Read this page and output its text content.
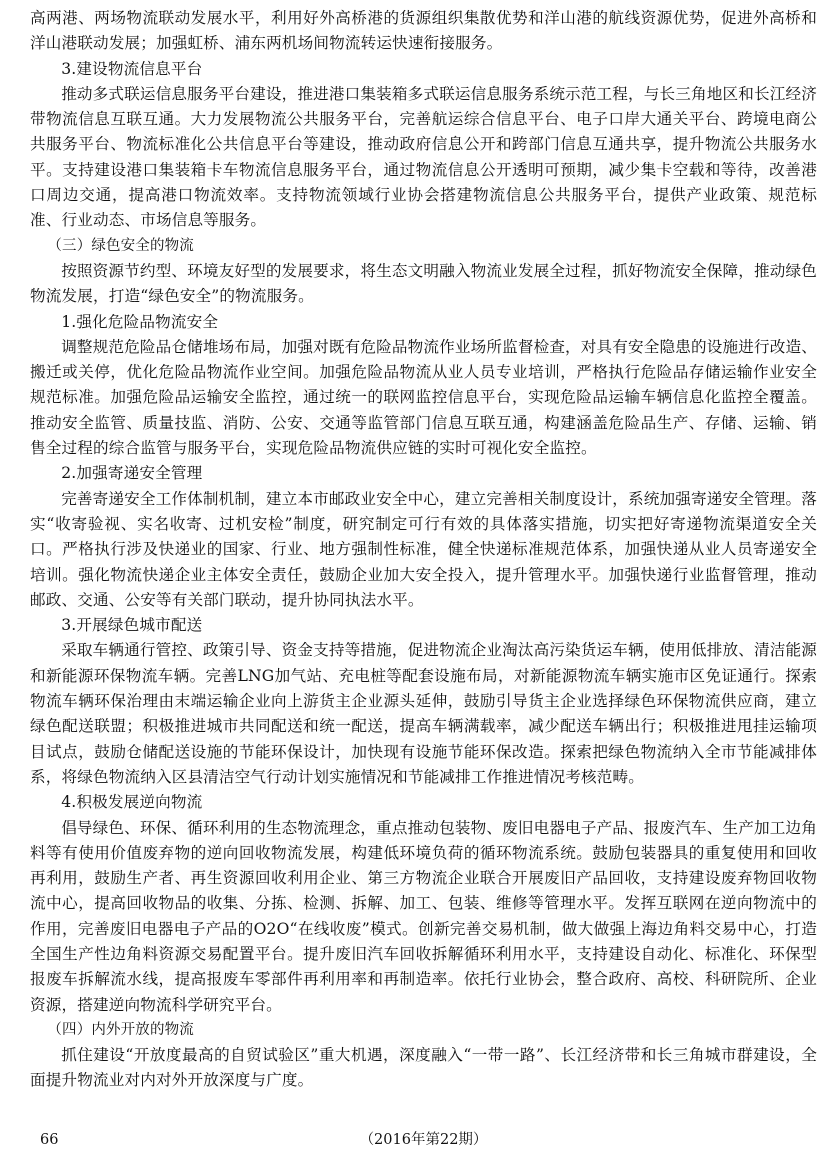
高两港、两场物流联动发展水平，利用好外高桥港的货源组织集散优势和洋山港的航线资源优势，促进外高桥和洋山港联动发展；加强虹桥、浦东两机场间物流转运快速衔接服务。

3.建设物流信息平台

推动多式联运信息服务平台建设，推进港口集装箱多式联运信息服务系统示范工程，与长三角地区和长江经济带物流信息互联互通。大力发展物流公共服务平台，完善航运综合信息平台、电子口岸大通关平台、跨境电商公共服务平台、物流标准化公共信息平台等建设，推动政府信息公开和跨部门信息互通共享，提升物流公共服务水平。支持建设港口集装箱卡车物流信息服务平台，通过物流信息公开透明可预期，减少集卡空载和等待，改善港口周边交通，提高港口物流效率。支持物流领域行业协会搭建物流信息公共服务平台，提供产业政策、规范标准、行业动态、市场信息等服务。

（三）绿色安全的物流

按照资源节约型、环境友好型的发展要求，将生态文明融入物流业发展全过程，抓好物流安全保障，推动绿色物流发展，打造“绿色安全”的物流服务。

1.强化危险品物流安全

调整规范危险品仓储堆场布局，加强对既有危险品物流作业场所监督检查，对具有安全隐患的设施进行改造、搬迁或关停，优化危险品物流作业空间。加强危险品物流从业人员专业培训，严格执行危险品存储运输作业安全规范标准。加强危险品运输安全监控，通过统一的联网监控信息平台，实现危险品运输车辆信息化监控全覆盖。推动安全监管、质量技监、消防、公安、交通等监管部门信息互联互通，构建涵盖危险品生产、存储、运输、销售全过程的综合监管与服务平台，实现危险品物流供应链的实时可视化安全监控。

2.加强寄递安全管理

完善寄递安全工作体制机制，建立本市邮政业安全中心，建立完善相关制度设计，系统加强寄递安全管理。落实“收寄验视、实名收寄、过机安检”制度，研究制定可行有效的具体落实措施，切实把好寄递物流渠道安全关口。严格执行涉及快递业的国家、行业、地方强制性标准，健全快递标准规范体系，加强快递从业人员寄递安全培训。强化物流快递企业主体安全责任，鼓励企业加大安全投入，提升管理水平。加强快递行业监督管理，推动邮政、交通、公安等有关部门联动，提升协同执法水平。

3.开展绿色城市配送

采取车辆通行管控、政策引导、资金支持等措施，促进物流企业淘汰高污染货运车辆，使用低排放、清洁能源和新能源环保物流车辆。完善LNG加气站、充电桩等配套设施布局，对新能源物流车辆实施市区免证通行。探索物流车辆环保治理由末端运输企业向上游货主企业源头延伸，鼓励引导货主企业选择绿色环保物流供应商，建立绿色配送联盟；积极推进城市共同配送和统一配送，提高车辆满载率，减少配送车辆出行；积极推进甩挂运输项目试点，鼓励仓储配送设施的节能环保设计，加快现有设施节能环保改造。探索把绿色物流纳入全市节能减排体系，将绿色物流纳入区县清洁空气行动计划实施情况和节能减排工作推进情况考核范畴。

4.积极发展逆向物流

倡导绿色、环保、循环利用的生态物流理念，重点推动包装物、废旧电器电子产品、报废汽车、生产加工边角料等有使用价值废弃物的逆向回收物流发展，构建低环境负荷的循环物流系统。鼓励包装器具的重复使用和回收再利用，鼓励生产者、再生资源回收利用企业、第三方物流企业联合开展废旧产品回收，支持建设废弃物回收物流中心，提高回收物品的收集、分拣、检测、拆解、加工、包装、维修等管理水平。发挥互联网在逆向物流中的作用，完善废旧电器电子产品的O2O“在线收废”模式。创新完善交易机制，做大做强上海边角料交易中心，打造全国生产性边角料资源交易配置平台。提升废旧汽车回收拆解循环利用水平，支持建设自动化、标准化、环保型报废车拆解流水线，提高报废车零部件再利用率和再制造率。依托行业协会，整合政府、高校、科研院所、企业资源，搭建逆向物流科学研究平台。

（四）内外开放的物流

抓住建设“开放度最高的自贸试验区”重大机遇，深度融入“一带一路”、长江经济带和长三角城市群建设，全面提升物流业对内对外开放深度与广度。

66	（2016年第22期）
